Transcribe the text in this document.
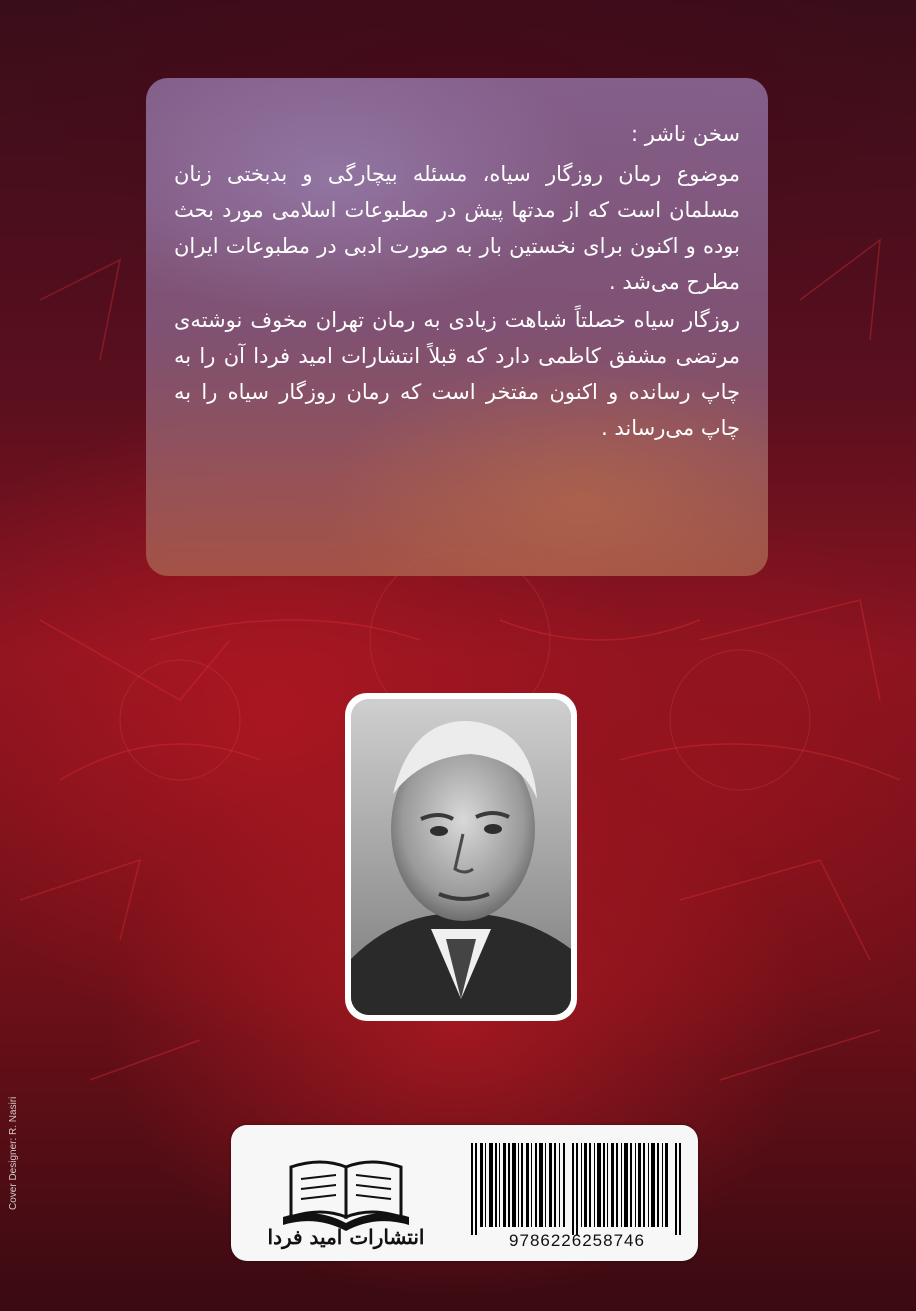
سخن ناشر :

موضوع رمان روزگار سیاه، مسئله بیچارگی و بدبختی زنان مسلمان است که از مدتها پیش در مطبوعات اسلامی مورد بحث بوده و اکنون برای نخستین بار به صورت ادبی در مطبوعات ایران مطرح می‌شد .

روزگار سیاه خصلتاً شباهت زیادی به رمان تهران مخوف نوشته‌ی مرتضی مشفق کاظمی دارد که قبلاً انتشارات امید فردا آن را به چاپ رسانده و اکنون مفتخر است که رمان روزگار سیاه را به چاپ می‌رساند .

انتشارات امید فردا	9786226258746
Cover Designer: R. Nasiri
